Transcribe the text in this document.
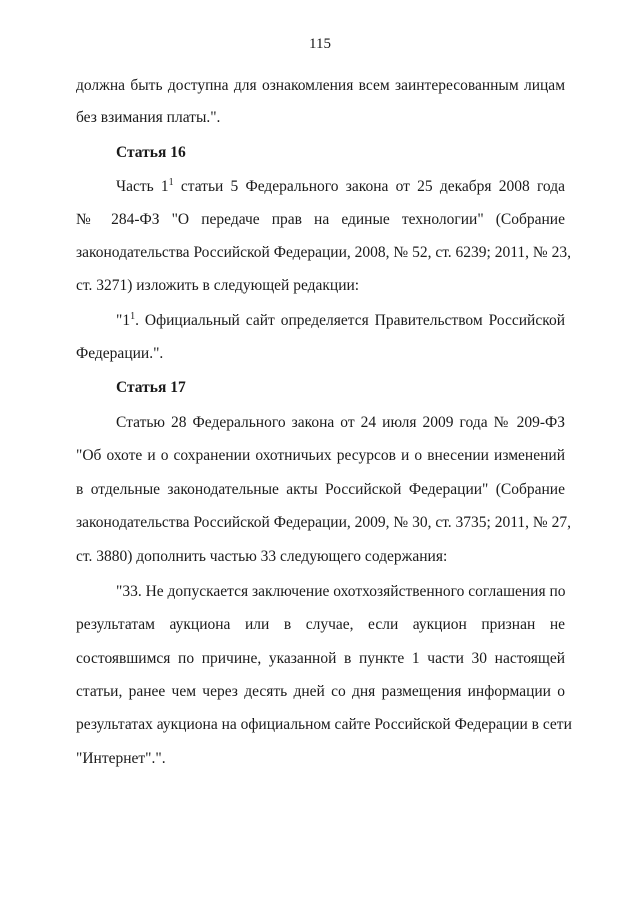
115
должна быть доступна для ознакомления всем заинтересованным лицам
без взимания платы.".
Статья 16
Часть $1^1$ статьи 5 Федерального закона от 25 декабря 2008 года
№ 284-ФЗ "О передаче прав на единые технологии" (Собрание
законодательства Российской Федерации, 2008, № 52, ст. 6239; 2011, № 23,
ст. 3271) изложить в следующей редакции:
"$1^1$. Официальный сайт определяется Правительством Российской
Федерации.".
Статья 17
Статью 28 Федерального закона от 24 июля 2009 года № 209-ФЗ
"Об охоте и о сохранении охотничьих ресурсов и о внесении изменений
в отдельные законодательные акты Российской Федерации" (Собрание
законодательства Российской Федерации, 2009, № 30, ст. 3735; 2011, № 27,
ст. 3880) дополнить частью 33 следующего содержания:
"33. Не допускается заключение охотхозяйственного соглашения по
результатам аукциона или в случае, если аукцион признан не
состоявшимся по причине, указанной в пункте 1 части 30 настоящей
статьи, ранее чем через десять дней со дня размещения информации о
результатах аукциона на официальном сайте Российской Федерации в сети
"Интернет".".
